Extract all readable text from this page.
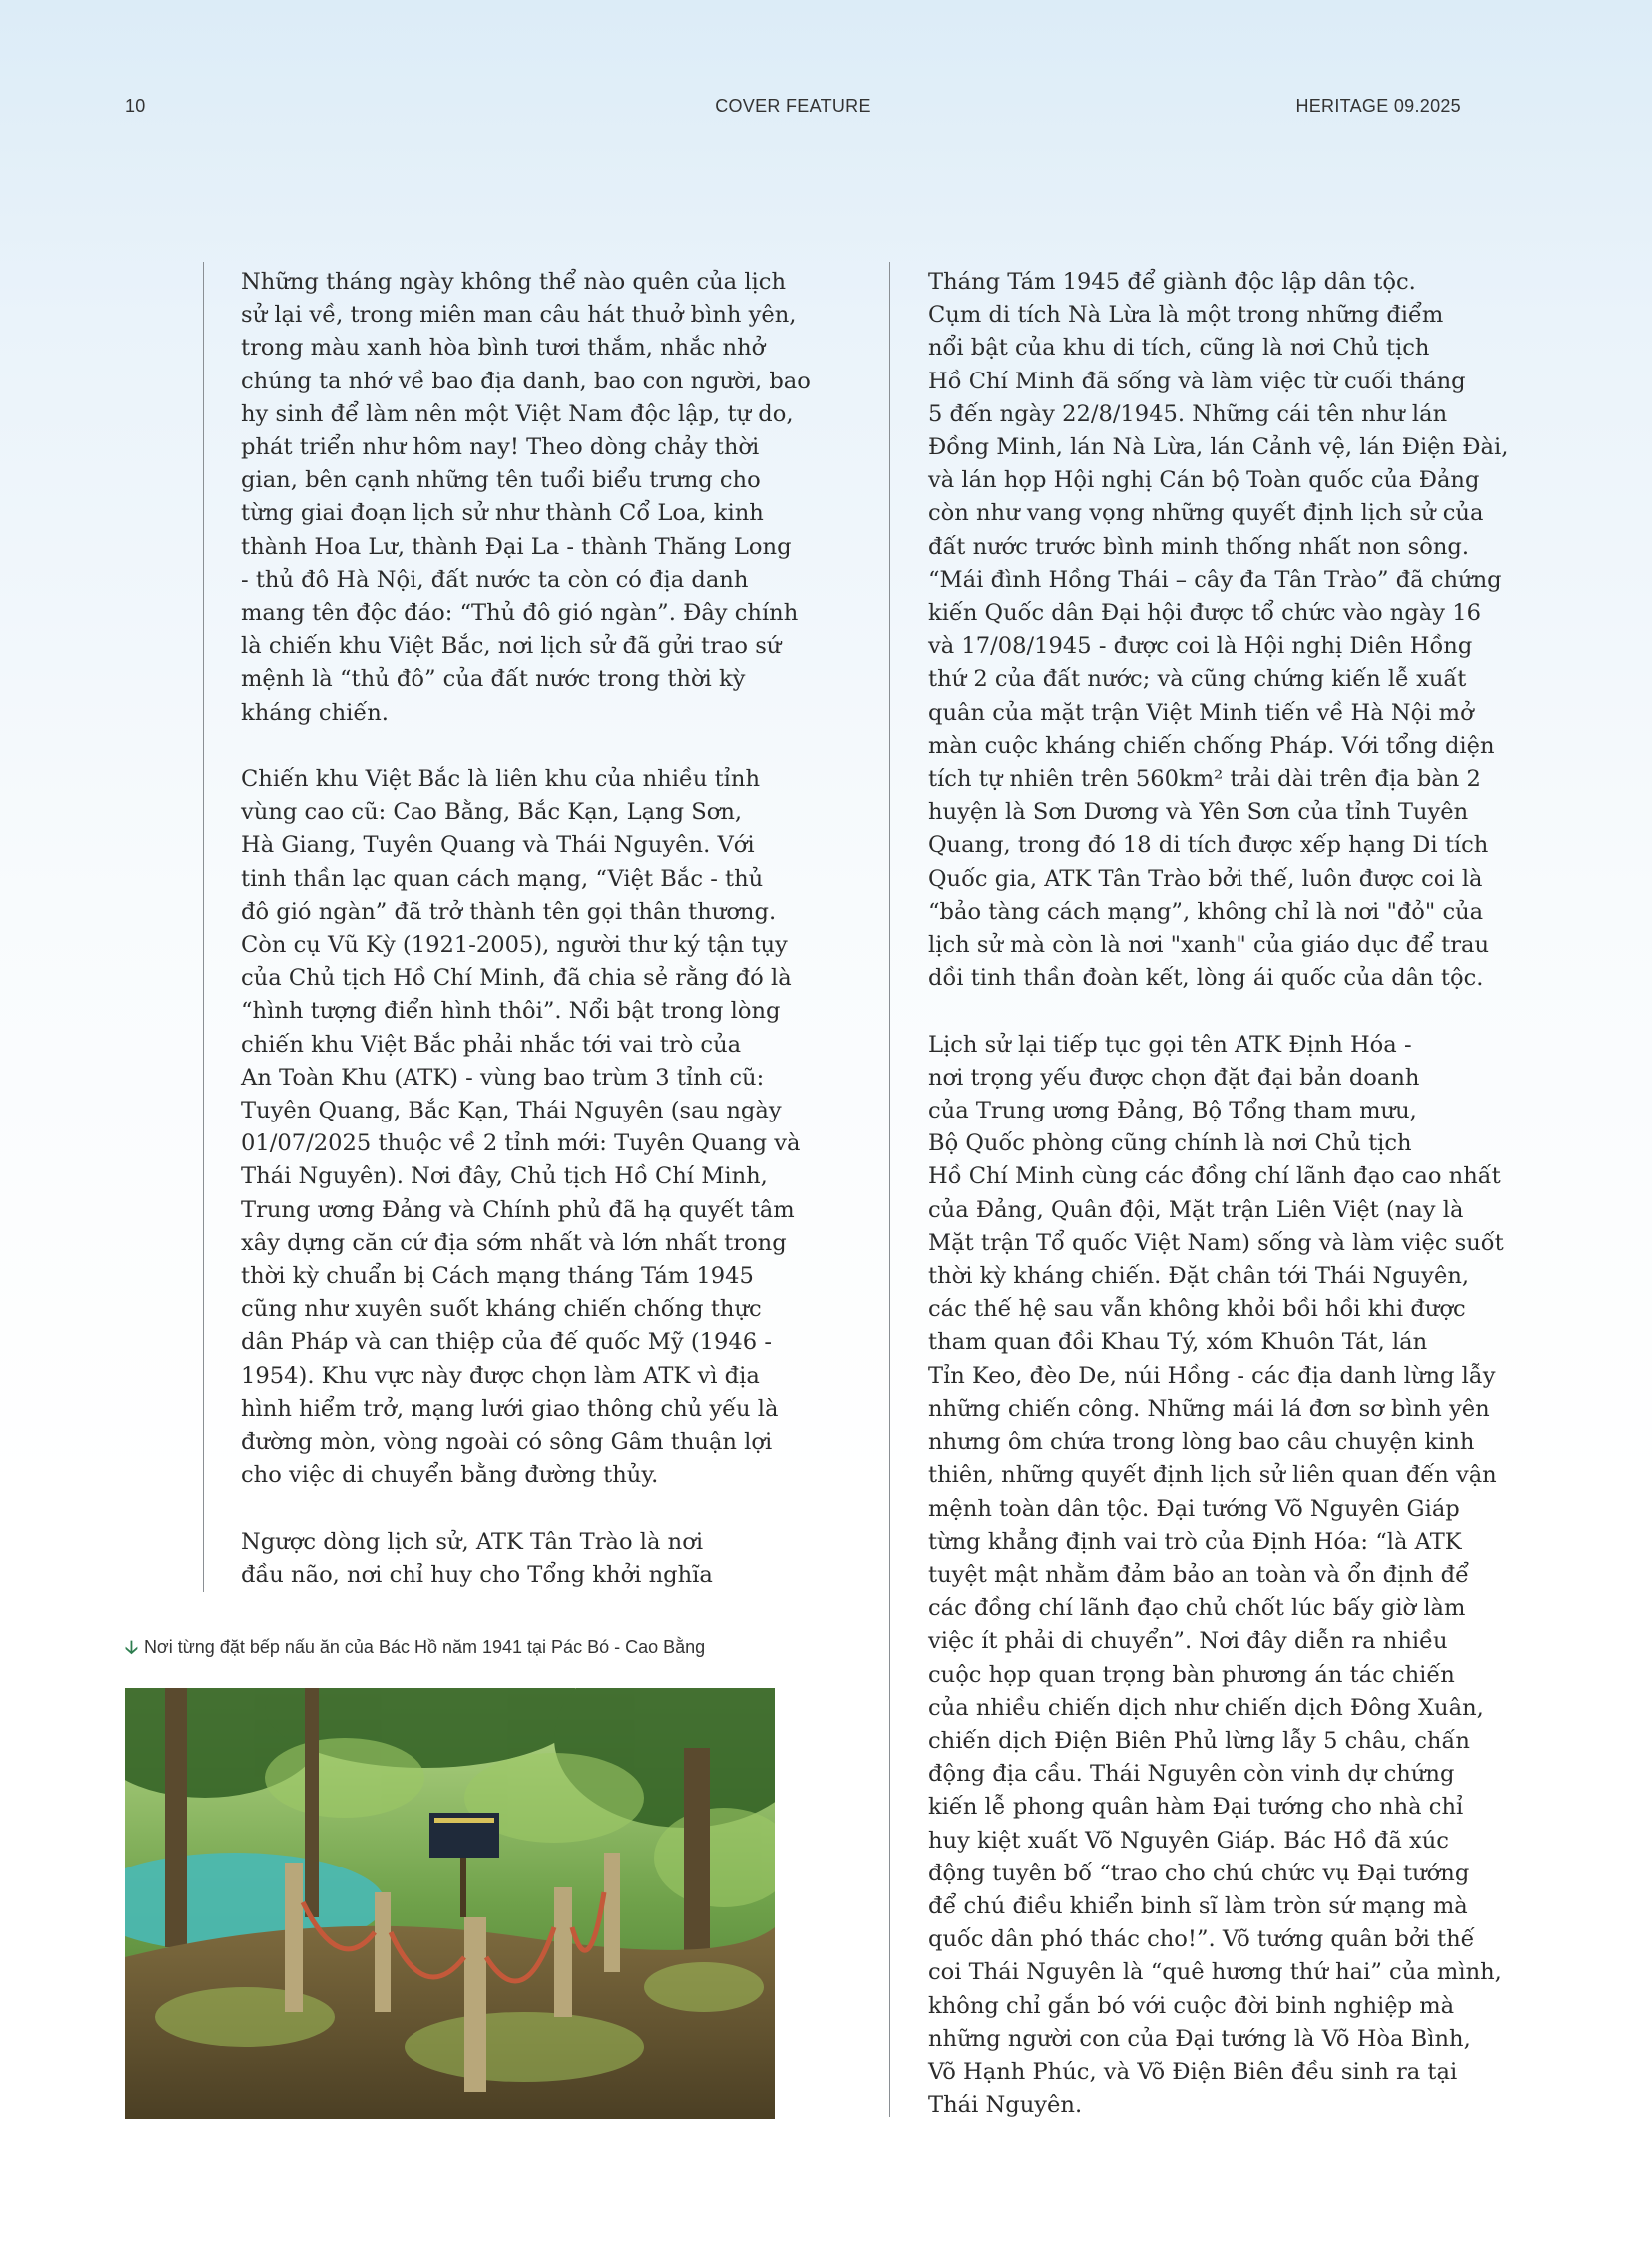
10	COVER FEATURE	HERITAGE 09.2025

Những tháng ngày không thể nào quên của lịch
sử lại về, trong miên man câu hát thuở bình yên,
trong màu xanh hòa bình tươi thắm, nhắc nhở
chúng ta nhớ về bao địa danh, bao con người, bao
hy sinh để làm nên một Việt Nam độc lập, tự do,
phát triển như hôm nay! Theo dòng chảy thời
gian, bên cạnh những tên tuổi biểu trưng cho
từng giai đoạn lịch sử như thành Cổ Loa, kinh
thành Hoa Lư, thành Đại La - thành Thăng Long
- thủ đô Hà Nội, đất nước ta còn có địa danh
mang tên độc đáo: “Thủ đô gió ngàn”. Đây chính
là chiến khu Việt Bắc, nơi lịch sử đã gửi trao sứ
mệnh là “thủ đô” của đất nước trong thời kỳ
kháng chiến.

Chiến khu Việt Bắc là liên khu của nhiều tỉnh
vùng cao cũ: Cao Bằng, Bắc Kạn, Lạng Sơn,
Hà Giang, Tuyên Quang và Thái Nguyên. Với
tinh thần lạc quan cách mạng, “Việt Bắc - thủ
đô gió ngàn” đã trở thành tên gọi thân thương.
Còn cụ Vũ Kỳ (1921-2005), người thư ký tận tụy
của Chủ tịch Hồ Chí Minh, đã chia sẻ rằng đó là
“hình tượng điển hình thôi”. Nổi bật trong lòng
chiến khu Việt Bắc phải nhắc tới vai trò của
An Toàn Khu (ATK) - vùng bao trùm 3 tỉnh cũ:
Tuyên Quang, Bắc Kạn, Thái Nguyên (sau ngày
01/07/2025 thuộc về 2 tỉnh mới: Tuyên Quang và
Thái Nguyên). Nơi đây, Chủ tịch Hồ Chí Minh,
Trung ương Đảng và Chính phủ đã hạ quyết tâm
xây dựng căn cứ địa sớm nhất và lớn nhất trong
thời kỳ chuẩn bị Cách mạng tháng Tám 1945
cũng như xuyên suốt kháng chiến chống thực
dân Pháp và can thiệp của đế quốc Mỹ (1946 -
1954). Khu vực này được chọn làm ATK vì địa
hình hiểm trở, mạng lưới giao thông chủ yếu là
đường mòn, vòng ngoài có sông Gâm thuận lợi
cho việc di chuyển bằng đường thủy.

Ngược dòng lịch sử, ATK Tân Trào là nơi
đầu não, nơi chỉ huy cho Tổng khởi nghĩa

Tháng Tám 1945 để giành độc lập dân tộc.
Cụm di tích Nà Lừa là một trong những điểm
nổi bật của khu di tích, cũng là nơi Chủ tịch
Hồ Chí Minh đã sống và làm việc từ cuối tháng
5 đến ngày 22/8/1945. Những cái tên như lán
Đồng Minh, lán Nà Lừa, lán Cảnh vệ, lán Điện Đài,
và lán họp Hội nghị Cán bộ Toàn quốc của Đảng
còn như vang vọng những quyết định lịch sử của
đất nước trước bình minh thống nhất non sông.
“Mái đình Hồng Thái – cây đa Tân Trào” đã chứng
kiến Quốc dân Đại hội được tổ chức vào ngày 16
và 17/08/1945 - được coi là Hội nghị Diên Hồng
thứ 2 của đất nước; và cũng chứng kiến lễ xuất
quân của mặt trận Việt Minh tiến về Hà Nội mở
màn cuộc kháng chiến chống Pháp. Với tổng diện
tích tự nhiên trên 560km² trải dài trên địa bàn 2
huyện là Sơn Dương và Yên Sơn của tỉnh Tuyên
Quang, trong đó 18 di tích được xếp hạng Di tích
Quốc gia, ATK Tân Trào bởi thế, luôn được coi là
“bảo tàng cách mạng”, không chỉ là nơi "đỏ" của
lịch sử mà còn là nơi "xanh" của giáo dục để trau
dồi tinh thần đoàn kết, lòng ái quốc của dân tộc.

Lịch sử lại tiếp tục gọi tên ATK Định Hóa -
nơi trọng yếu được chọn đặt đại bản doanh
của Trung ương Đảng, Bộ Tổng tham mưu,
Bộ Quốc phòng cũng chính là nơi Chủ tịch
Hồ Chí Minh cùng các đồng chí lãnh đạo cao nhất
của Đảng, Quân đội, Mặt trận Liên Việt (nay là
Mặt trận Tổ quốc Việt Nam) sống và làm việc suốt
thời kỳ kháng chiến. Đặt chân tới Thái Nguyên,
các thế hệ sau vẫn không khỏi bồi hồi khi được
tham quan đồi Khau Tý, xóm Khuôn Tát, lán
Tỉn Keo, đèo De, núi Hồng - các địa danh lừng lẫy
những chiến công. Những mái lá đơn sơ bình yên
nhưng ôm chứa trong lòng bao câu chuyện kinh
thiên, những quyết định lịch sử liên quan đến vận
mệnh toàn dân tộc. Đại tướng Võ Nguyên Giáp
từng khẳng định vai trò của Định Hóa: “là ATK
tuyệt mật nhằm đảm bảo an toàn và ổn định để
các đồng chí lãnh đạo chủ chốt lúc bấy giờ làm
việc ít phải di chuyển”. Nơi đây diễn ra nhiều
cuộc họp quan trọng bàn phương án tác chiến
của nhiều chiến dịch như chiến dịch Đông Xuân,
chiến dịch Điện Biên Phủ lừng lẫy 5 châu, chấn
động địa cầu. Thái Nguyên còn vinh dự chứng
kiến lễ phong quân hàm Đại tướng cho nhà chỉ
huy kiệt xuất Võ Nguyên Giáp. Bác Hồ đã xúc
động tuyên bố “trao cho chú chức vụ Đại tướng
để chú điều khiển binh sĩ làm tròn sứ mạng mà
quốc dân phó thác cho!”. Võ tướng quân bởi thế
coi Thái Nguyên là “quê hương thứ hai” của mình,
không chỉ gắn bó với cuộc đời binh nghiệp mà
những người con của Đại tướng là Võ Hòa Bình,
Võ Hạnh Phúc, và Võ Điện Biên đều sinh ra tại
Thái Nguyên.

🡣 Nơi từng đặt bếp nấu ăn của Bác Hồ năm 1941 tại Pác Bó - Cao Bằng
